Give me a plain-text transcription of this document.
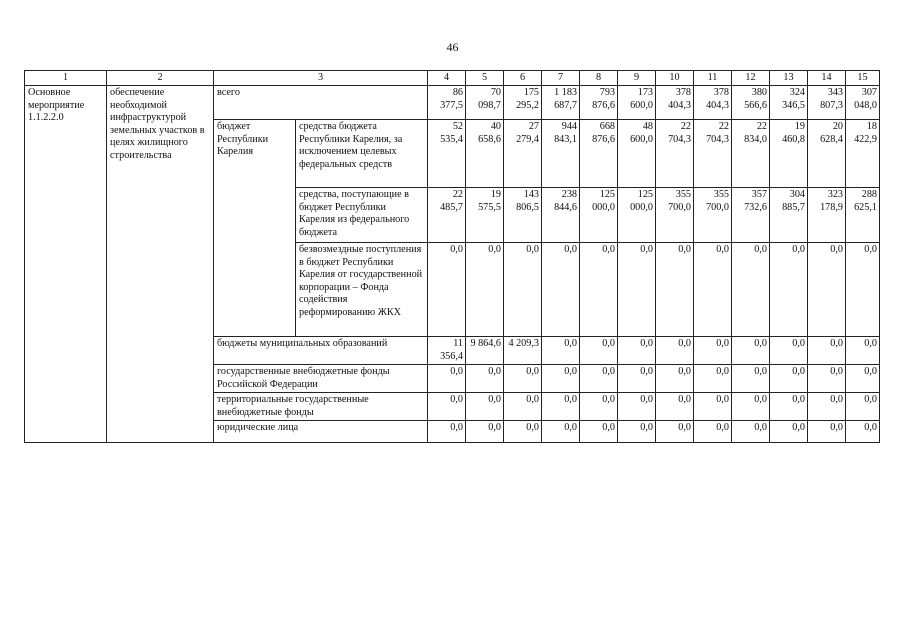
46
1	2	3		4	5	6	7	8	9	10	11	12	13	14	15
Основное мероприятие 1.1.2.2.0	обеспечение необходимой инфраструктурой земельных участков в целях жилищного строительства	всего		86 377,5	70 098,7	175 295,2	1 183 687,7	793 876,6	173 600,0	378 404,3	378 404,3	380 566,6	324 346,5	343 807,3	307 048,0
		бюджет Республики Карелия	средства бюджета Республики Карелия, за исключением целевых федеральных средств	52 535,4	40 658,6	27 279,4	944 843,1	668 876,6	48 600,0	22 704,3	22 704,3	22 834,0	19 460,8	20 628,4	18 422,9
			средства, поступающие в бюджет Республики Карелия из федерального бюджета	22 485,7	19 575,5	143 806,5	238 844,6	125 000,0	125 000,0	355 700,0	355 700,0	357 732,6	304 885,7	323 178,9	288 625,1
			безвозмездные поступления в бюджет Республики Карелия от государственной корпорации – Фонда содействия реформированию ЖКХ	0,0	0,0	0,0	0,0	0,0	0,0	0,0	0,0	0,0	0,0	0,0	0,0
		бюджеты муниципальных образований		11 356,4	9 864,6	4 209,3	0,0	0,0	0,0	0,0	0,0	0,0	0,0	0,0	0,0
		государственные внебюджетные фонды Российской Федерации		0,0	0,0	0,0	0,0	0,0	0,0	0,0	0,0	0,0	0,0	0,0	0,0
		территориальные государственные внебюджетные фонды		0,0	0,0	0,0	0,0	0,0	0,0	0,0	0,0	0,0	0,0	0,0	0,0
		юридические лица		0,0	0,0	0,0	0,0	0,0	0,0	0,0	0,0	0,0	0,0	0,0	0,0
